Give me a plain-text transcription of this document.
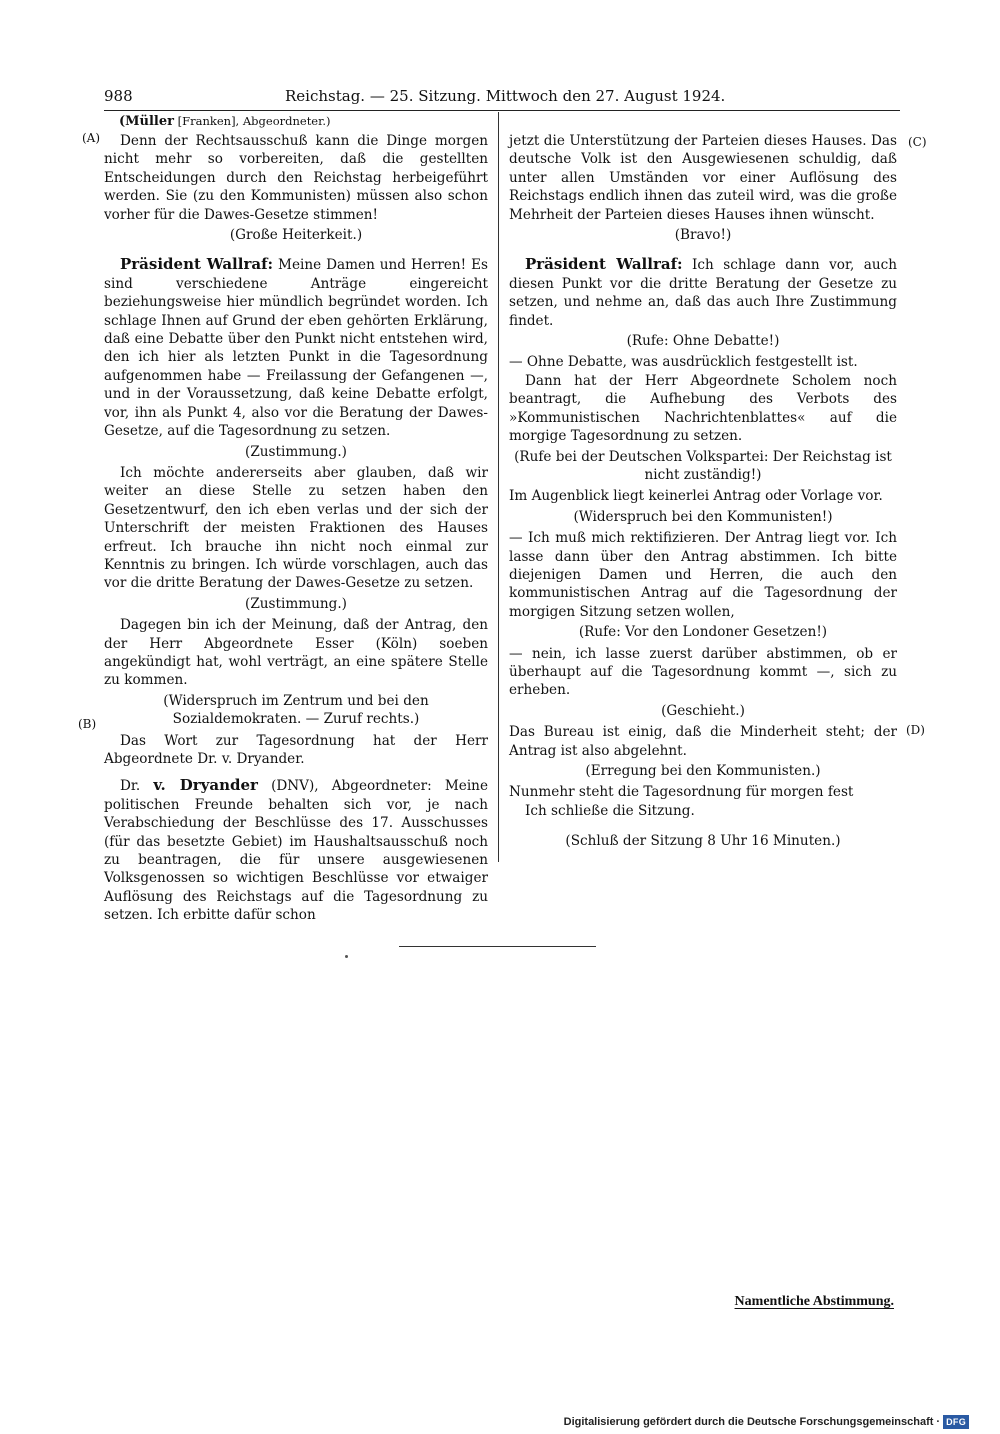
988	Reichstag. — 25. Sitzung. Mittwoch den 27. August 1924.
(Müller [Franken], Abgeordneter.)
(A)
(B)
(C)
(D)

Denn der Rechtsausschuß kann die Dinge morgen nicht mehr so vorbereiten, daß die gestellten Entscheidungen durch den Reichstag herbeigeführt werden. Sie (zu den Kommunisten) müssen also schon vorher für die Dawes-Gesetze stimmen!

(Große Heiterkeit.)

Präsident Wallraf: Meine Damen und Herren! Es sind verschiedene Anträge eingereicht beziehungsweise hier mündlich begründet worden. Ich schlage Ihnen auf Grund der eben gehörten Erklärung, daß eine Debatte über den Punkt nicht entstehen wird, den ich hier als letzten Punkt in die Tagesordnung aufgenommen habe — Freilassung der Gefangenen —, und in der Voraussetzung, daß keine Debatte erfolgt, vor, ihn als Punkt 4, also vor die Beratung der Dawes-Gesetze, auf die Tagesordnung zu setzen.

(Zustimmung.)

Ich möchte andererseits aber glauben, daß wir weiter an diese Stelle zu setzen haben den Gesetzentwurf, den ich eben verlas und der sich der Unterschrift der meisten Fraktionen des Hauses erfreut. Ich brauche ihn nicht noch einmal zur Kenntnis zu bringen. Ich würde vorschlagen, auch das vor die dritte Beratung der Dawes-Gesetze zu setzen.

(Zustimmung.)

Dagegen bin ich der Meinung, daß der Antrag, den der Herr Abgeordnete Esser (Köln) soeben angekündigt hat, wohl verträgt, an eine spätere Stelle zu kommen.

(Widerspruch im Zentrum und bei den Sozialdemokraten. — Zuruf rechts.)

Das Wort zur Tagesordnung hat der Herr Abgeordnete Dr. v. Dryander.

Dr. v. Dryander (DNV), Abgeordneter: Meine politischen Freunde behalten sich vor, je nach Verabschiedung der Beschlüsse des 17. Ausschusses (für das besetzte Gebiet) im Haushaltsausschuß noch zu beantragen, die für unsere ausgewiesenen Volksgenossen so wichtigen Beschlüsse vor etwaiger Auflösung des Reichstags auf die Tagesordnung zu setzen. Ich erbitte dafür schon

jetzt die Unterstützung der Parteien dieses Hauses. Das deutsche Volk ist den Ausgewiesenen schuldig, daß unter allen Umständen vor einer Auflösung des Reichstags endlich ihnen das zuteil wird, was die große Mehrheit der Parteien dieses Hauses ihnen wünscht.

(Bravo!)

Präsident Wallraf: Ich schlage dann vor, auch diesen Punkt vor die dritte Beratung der Gesetze zu setzen, und nehme an, daß das auch Ihre Zustimmung findet.

(Rufe: Ohne Debatte!)

— Ohne Debatte, was ausdrücklich festgestellt ist.

Dann hat der Herr Abgeordnete Scholem noch beantragt, die Aufhebung des Verbots des »Kommunistischen Nachrichtenblattes« auf die morgige Tagesordnung zu setzen.

(Rufe bei der Deutschen Volkspartei: Der Reichstag ist nicht zuständig!)

Im Augenblick liegt keinerlei Antrag oder Vorlage vor.

(Widerspruch bei den Kommunisten!)

— Ich muß mich rektifizieren. Der Antrag liegt vor. Ich lasse dann über den Antrag abstimmen. Ich bitte diejenigen Damen und Herren, die auch den kommunistischen Antrag auf die Tagesordnung der morgigen Sitzung setzen wollen,

(Rufe: Vor den Londoner Gesetzen!)

— nein, ich lasse zuerst darüber abstimmen, ob er überhaupt auf die Tagesordnung kommt —, sich zu erheben.

(Geschieht.)

Das Bureau ist einig, daß die Minderheit steht; der Antrag ist also abgelehnt.

(Erregung bei den Kommunisten.)

Nunmehr steht die Tagesordnung für morgen fest

Ich schließe die Sitzung.

(Schluß der Sitzung 8 Uhr 16 Minuten.)

Namentliche Abstimmung.
Digitalisierung gefördert durch die Deutsche Forschungsgemeinschaft · DFG
